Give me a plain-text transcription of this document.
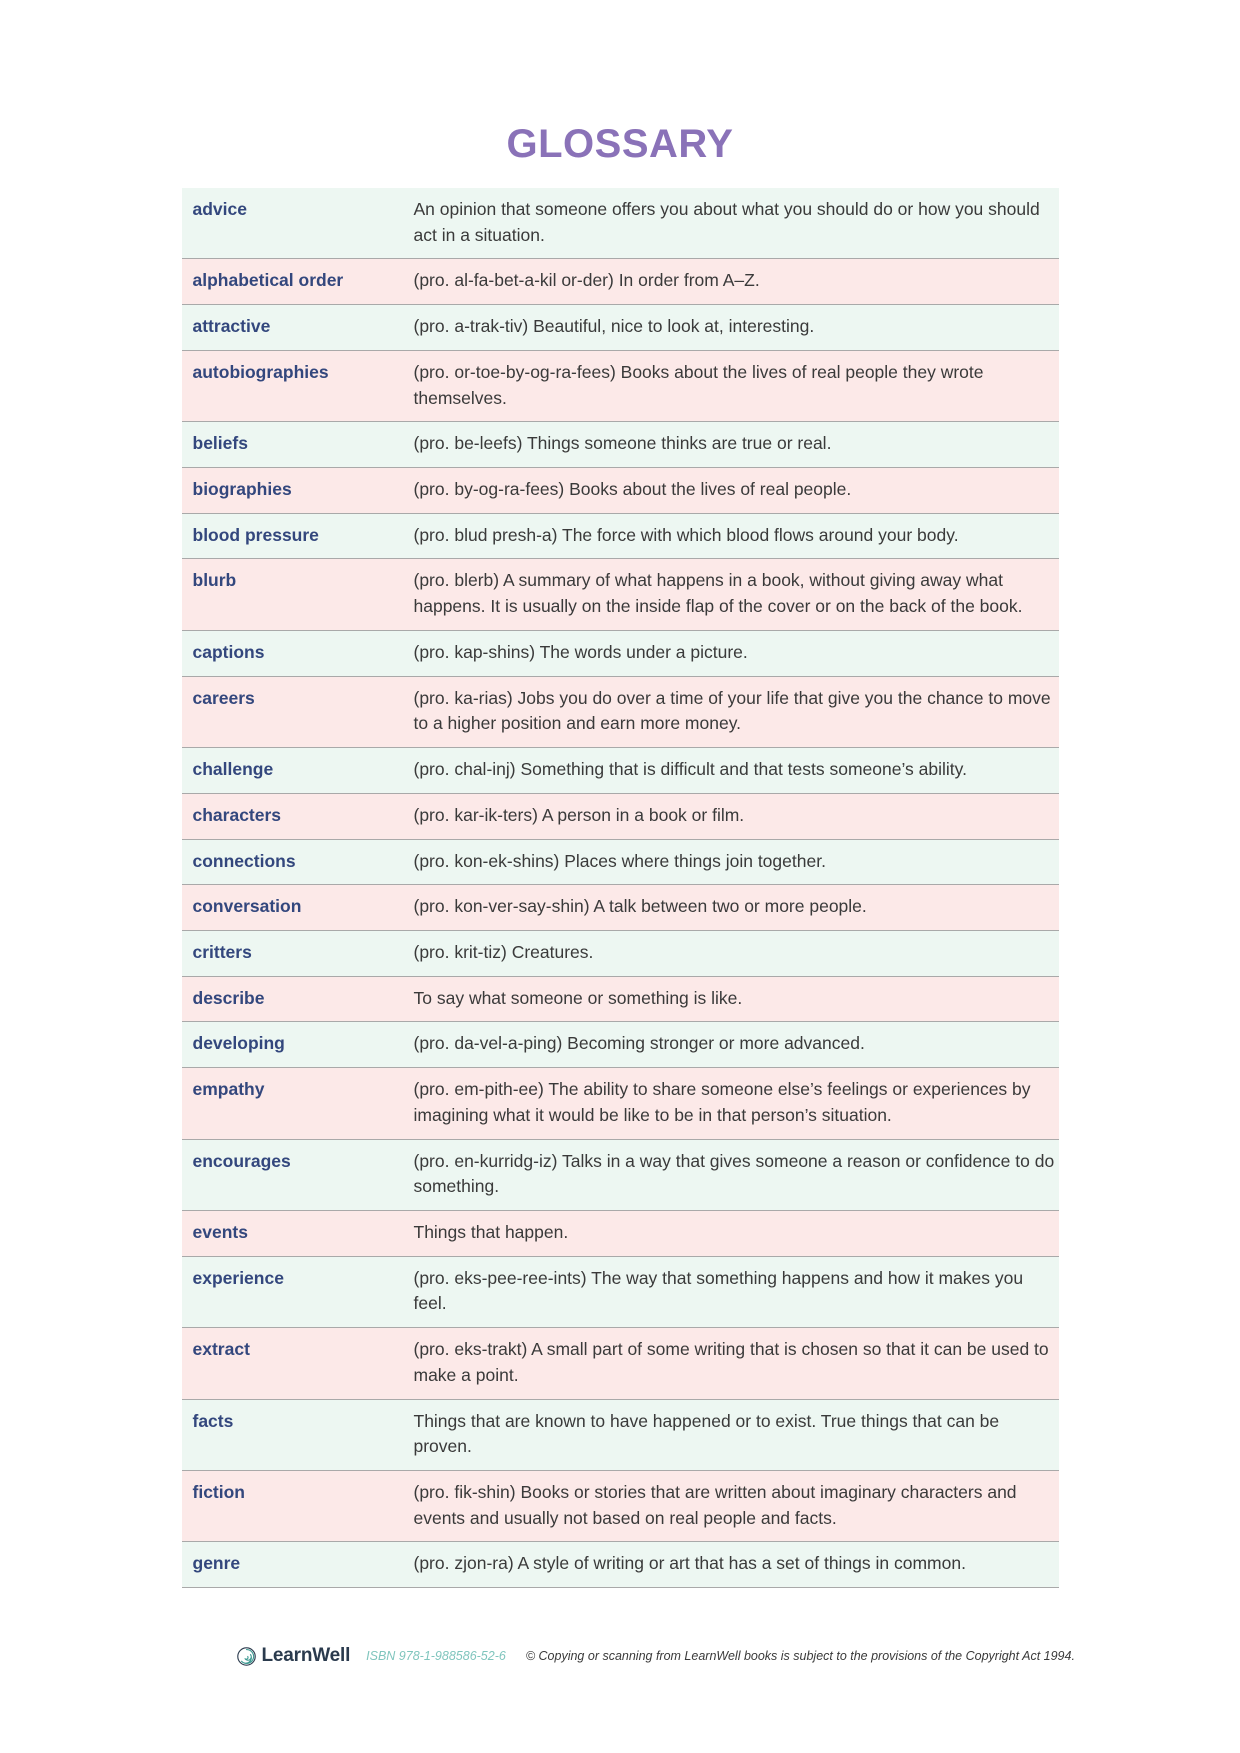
GLOSSARY
advice	An opinion that someone offers you about what you should do or how you should act in a situation.
alphabetical order	(pro. al-fa-bet-a-kil or-der) In order from A–Z.
attractive	(pro. a-trak-tiv) Beautiful, nice to look at, interesting.
autobiographies	(pro. or-toe-by-og-ra-fees) Books about the lives of real people they wrote themselves.
beliefs	(pro. be-leefs) Things someone thinks are true or real.
biographies	(pro. by-og-ra-fees) Books about the lives of real people.
blood pressure	(pro. blud presh-a) The force with which blood flows around your body.
blurb	(pro. blerb) A summary of what happens in a book, without giving away what happens. It is usually on the inside flap of the cover or on the back of the book.
captions	(pro. kap-shins) The words under a picture.
careers	(pro. ka-rias) Jobs you do over a time of your life that give you the chance to move to a higher position and earn more money.
challenge	(pro. chal-inj) Something that is difficult and that tests someone’s ability.
characters	(pro. kar-ik-ters) A person in a book or film.
connections	(pro. kon-ek-shins) Places where things join together.
conversation	(pro. kon-ver-say-shin) A talk between two or more people.
critters	(pro. krit-tiz) Creatures.
describe	To say what someone or something is like.
developing	(pro. da-vel-a-ping) Becoming stronger or more advanced.
empathy	(pro. em-pith-ee) The ability to share someone else’s feelings or experiences by imagining what it would be like to be in that person’s situation.
encourages	(pro. en-kurridg-iz) Talks in a way that gives someone a reason or confidence to do something.
events	Things that happen.
experience	(pro. eks-pee-ree-ints) The way that something happens and how it makes you feel.
extract	(pro. eks-trakt) A small part of some writing that is chosen so that it can be used to make a point.
facts	Things that are known to have happened or to exist. True things that can be proven.
fiction	(pro. fik-shin) Books or stories that are written about imaginary characters and events and usually not based on real people and facts.
genre	(pro. zjon-ra) A style of writing or art that has a set of things in common.
LearnWell ISBN 978-1-988586-52-6 © Copying or scanning from LearnWell books is subject to the provisions of the Copyright Act 1994.
